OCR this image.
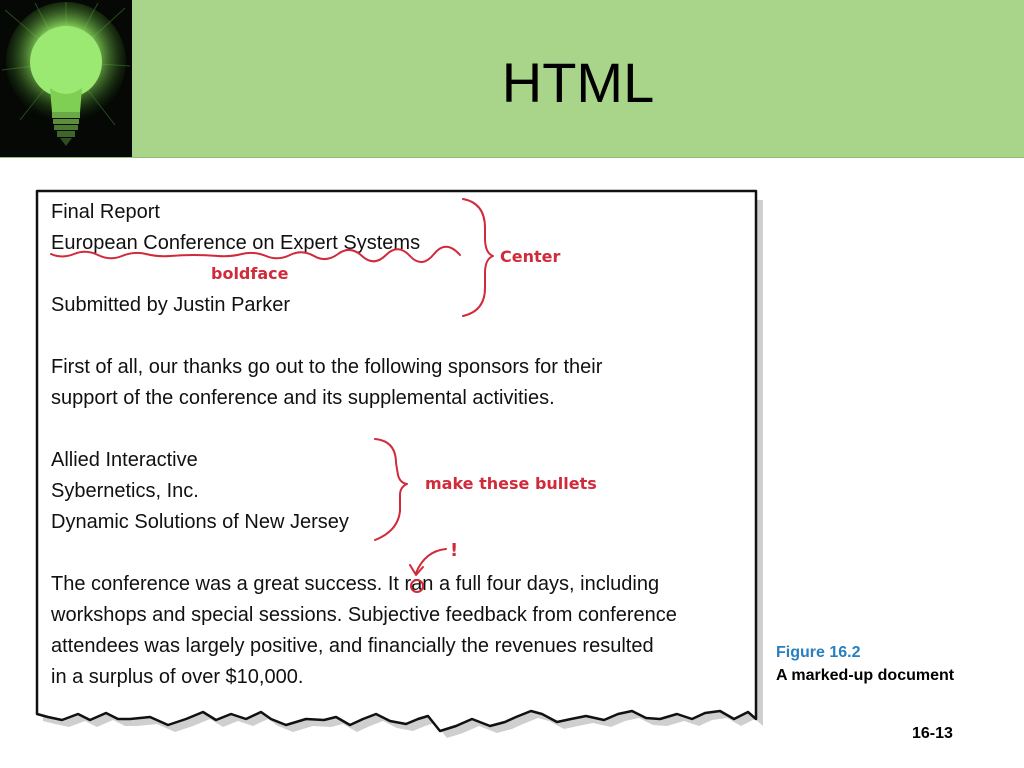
HTML
Final Report
European Conference on Expert Systems
Submitted by Justin Parker
First of all, our thanks go out to the following sponsors for their
support of the conference and its supplemental activities.
Allied Interactive
Sybernetics, Inc.
Dynamic Solutions of New Jersey
The conference was a great success. It ran a full four days, including
workshops and special sessions. Subjective feedback from conference
attendees was largely positive, and financially the revenues resulted
in a surplus of over $10,000.
Center
boldface
make these bullets
!
Figure 16.2
A marked-up document
16-13
